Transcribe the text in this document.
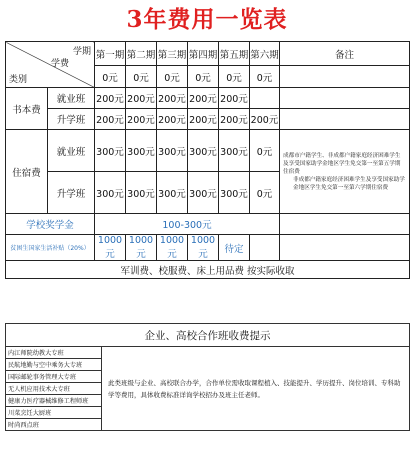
3年费用一览表
学期
学费
类别		第一期	第二期	第三期	第四期	第五期	第六期	备注
		0元	0元	0元	0元	0元	0元	
书本费	就业班	200元	200元	200元	200元	200元		
	升学班	200元	200元	200元	200元	200元	200元	
住宿费	就业班	300元	300元	300元	300元	300元	0元	成都市户籍学生、非成都户籍家庭经济困难学生及享受国家助学金地区学生免交第一至第五学期住宿费
非成都户籍家庭经济困难学生及享受国家助学金地区学生免交第一至第六学期住宿费

	升学班	300元	300元	300元	300元	300元	0元	
学校奖学金		100-300元						
贫困生国家生活补贴（20%）		1000元	1000元	1000元	1000元	待定		
军训费、校服费、床上用品费 按实际收取								
企业、高校合作班收费提示
内江师院幼教大专班	此类班级与企业、高校联合办学，合作单位需收取课程植入、技能提升、学历提升、岗位培训、专科助学等费用，具体收费标准详询学校招办及班主任老师。
民航地勤与空中乘务大专班
国际邮轮事务管理大专班
无人机应用技术大专班
健康力医疗器械维修工程师班
川菜烹饪大厨班
时尚西点班
